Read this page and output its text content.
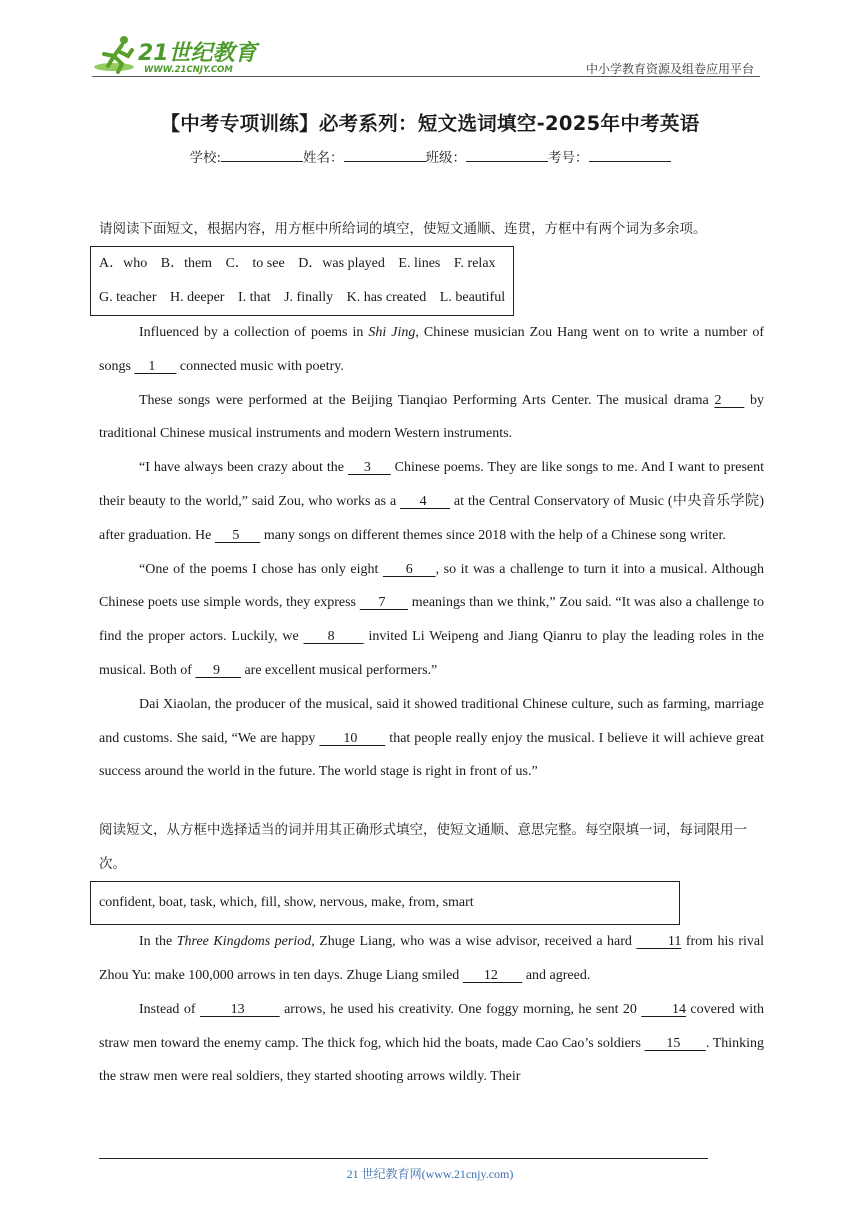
21世纪教育
WWW.21CNJY.COM	中小学教育资源及组卷应用平台
【中考专项训练】必考系列：短文选词填空-2025年中考英语
学校:	姓名：	班级：	考号：

请阅读下面短文，根据内容，用方框中所给词的填空，使短文通顺、连贯，方框中有两个词为多余项。

A．who B．them C． to see D．was played E. lines F. relax
G. teacher H. deeper I. that J. finally K. has created L. beautiful

Influenced by a collection of poems in Shi Jing, Chinese musician Zou Hang went on to write a number of songs     1       connected music with poetry.

These songs were performed at the Beijing Tianqiao Performing Arts Center. The musical drama 2     by traditional Chinese musical instruments and modern Western instruments.

“I have always been crazy about the     3      Chinese poems. They are like songs to me. And I want to present their beauty to the world,” said Zou, who works as a      4       at the Central Conservatory of Music (中央音乐学院) after graduation. He      5       many songs on different themes since 2018 with the help of a Chinese song writer.

“One of the poems I chose has only eight      6     , so it was a challenge to turn it into a musical. Although Chinese poets use simple words, they express      7       meanings than we think,” Zou said. “It was also a challenge to find the proper actors. Luckily, we      8       invited Li Weipeng and Jiang Qianru to play the leading roles in the musical. Both of      9       are excellent musical performers.”

Dai Xiaolan, the producer of the musical, said it showed traditional Chinese culture, such as farming, marriage and customs. She said, “We are happy       10        that people really enjoy the musical. I believe it will achieve great success around the world in the future. The world stage is right in front of us.”

阅读短文，从方框中选择适当的词并用其正确形式填空，使短文通顺、意思完整。每空限填一词，每词限用一次。

confident, boat, task, which, fill, show, nervous, make, from, smart

In the Three Kingdoms period, Zhuge Liang, who was a wise advisor, received a hard        11 from his rival Zhou Yu: make 100,000 arrows in ten days. Zhuge Liang smiled       12        and agreed.

Instead of        13         arrows, he used his creativity. One foggy morning, he sent 20        14 covered with straw men toward the enemy camp. The thick fog, which hid the boats, made Cao Cao’s soldiers       15       . Thinking the straw men were real soldiers, they started shooting arrows wildly. Their

21 世纪教育网(www.21cnjy.com)
